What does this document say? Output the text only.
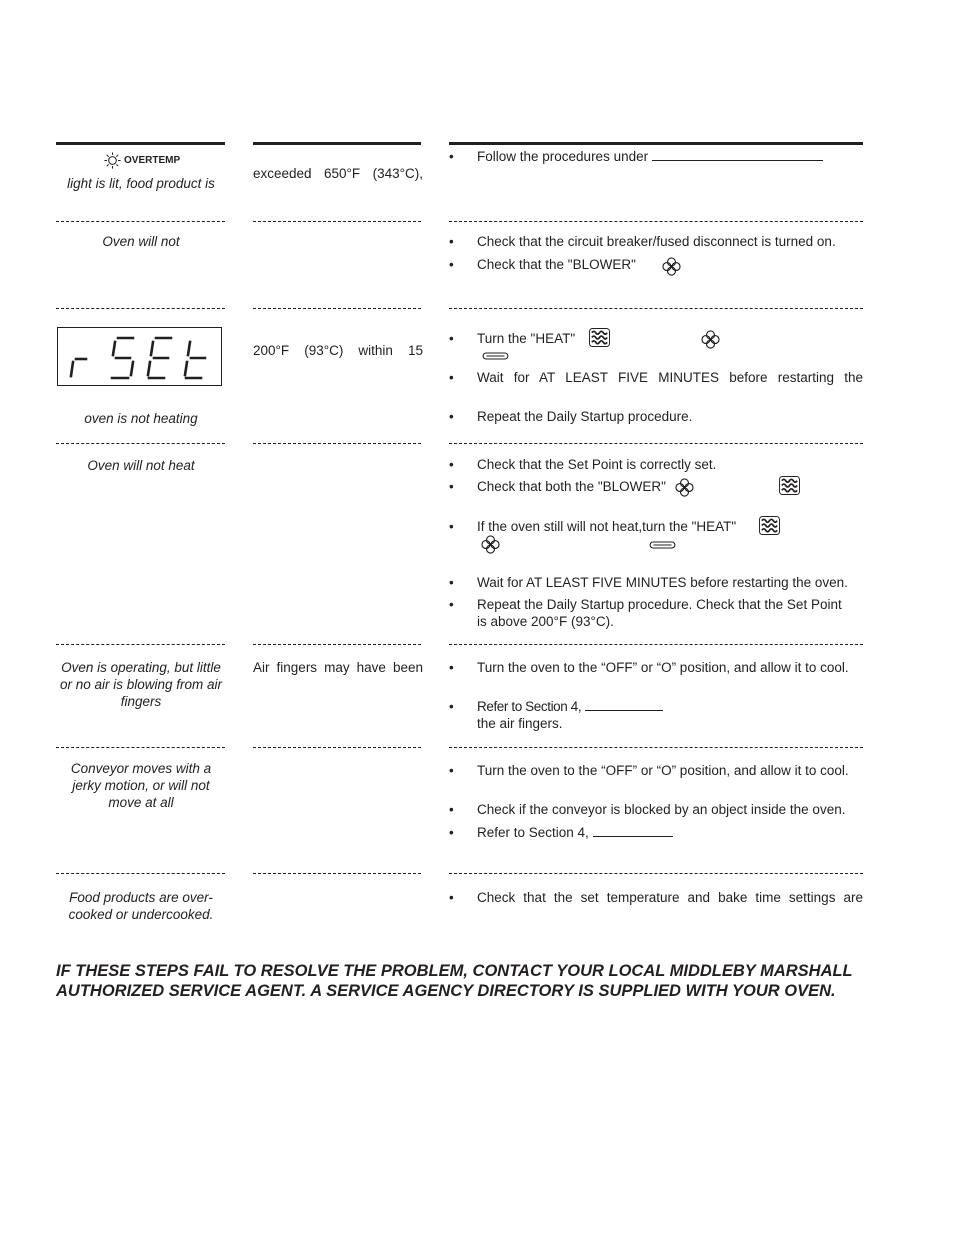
OVERTEMP
light is lit, food product is
exceeded 650°F (343°C),
• Follow the procedures under
Oven will not	• Check that the circuit breaker/fused disconnect is turned on.
• Check that the "BLOWER"
oven is not heating
200°F (93°C) within 15
• Turn the "HEAT"
• Wait for AT LEAST FIVE MINUTES before restarting the
• Repeat the Daily Startup procedure.
Oven will not heat	• Check that the Set Point is correctly set.
• Check that both the "BLOWER"
• If the oven still will not heat,turn the "HEAT"
• Wait for AT LEAST FIVE MINUTES before restarting the oven.
• Repeat the Daily Startup procedure. Check that the Set Point
is above 200°F (93°C).
Oven is operating, but little or no air is blowing from air fingers
Air fingers may have been • Turn the oven to the “OFF” or “O” position, and allow it to cool.
• Refer to Section 4,
the air fingers.
Conveyor moves with a jerky motion, or will not move at all
• Turn the oven to the “OFF” or “O” position, and allow it to cool.
• Check if the conveyor is blocked by an object inside the oven.
• Refer to Section 4,
Food products are over-cooked or undercooked.
• Check that the set temperature and bake time settings are
IF THESE STEPS FAIL TO RESOLVE THE PROBLEM, CONTACT YOUR LOCAL MIDDLEBY MARSHALL AUTHORIZED SERVICE AGENT. A SERVICE AGENCY DIRECTORY IS SUPPLIED WITH YOUR OVEN.
